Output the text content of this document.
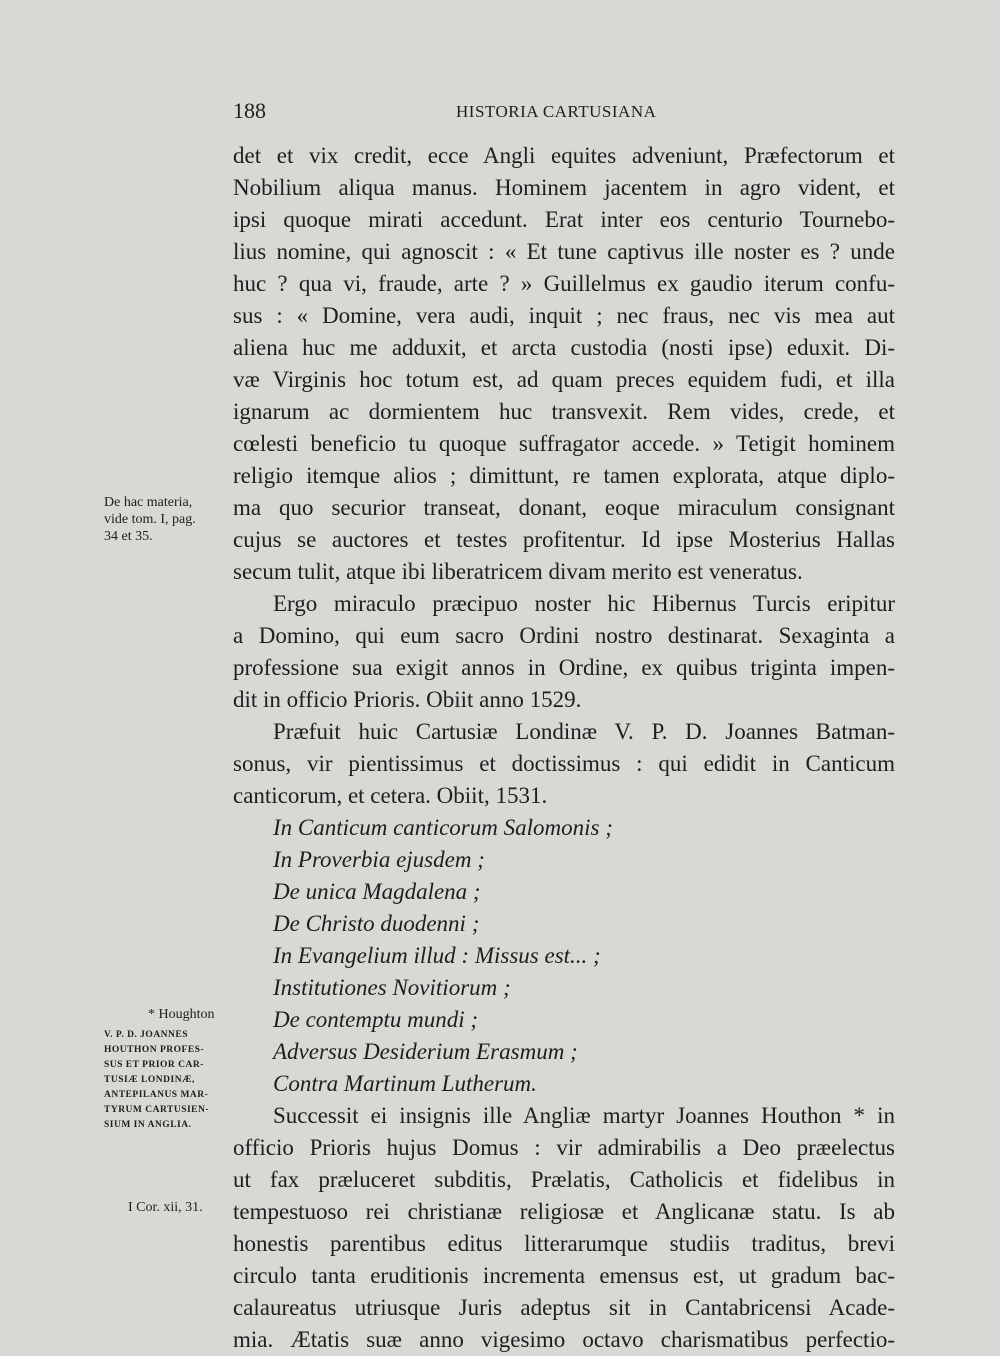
188	HISTORIA CARTUSIANA
det et vix credit, ecce Angli equites adveniunt, Præfectorum et
Nobilium aliqua manus. Hominem jacentem in agro vident, et
ipsi quoque mirati accedunt. Erat inter eos centurio Tournebo-
lius nomine, qui agnoscit : « Et tune captivus ille noster es ? unde
huc ? qua vi, fraude, arte ? » Guillelmus ex gaudio iterum confu-
sus : « Domine, vera audi, inquit ; nec fraus, nec vis mea aut
aliena huc me adduxit, et arcta custodia (nosti ipse) eduxit. Di-
væ Virginis hoc totum est, ad quam preces equidem fudi, et illa
ignarum ac dormientem huc transvexit. Rem vides, crede, et
cœlesti beneficio tu quoque suffragator accede. » Tetigit hominem
religio itemque alios ; dimittunt, re tamen explorata, atque diplo-
ma quo securior transeat, donant, eoque miraculum consignant
cujus se auctores et testes profitentur. Id ipse Mosterius Hallas
secum tulit, atque ibi liberatricem divam merito est veneratus.
Ergo miraculo præcipuo noster hic Hibernus Turcis eripitur
a Domino, qui eum sacro Ordini nostro destinarat. Sexaginta a
professione sua exigit annos in Ordine, ex quibus triginta impen-
dit in officio Prioris. Obiit anno 1529.
Præfuit huic Cartusiæ Londinæ V. P. D. Joannes Batman-
sonus, vir pientissimus et doctissimus : qui edidit in Canticum
canticorum, et cetera. Obiit, 1531.
In Canticum canticorum Salomonis ;
In Proverbia ejusdem ;
De unica Magdalena ;
De Christo duodenni ;
In Evangelium illud : Missus est... ;
Institutiones Novitiorum ;
De contemptu mundi ;
Adversus Desiderium Erasmum ;
Contra Martinum Lutherum.
Successit ei insignis ille Angliæ martyr Joannes Houthon * in
officio Prioris hujus Domus : vir admirabilis a Deo præelectus
ut fax præluceret subditis, Prælatis, Catholicis et fidelibus in
tempestuoso rei christianæ religiosæ et Anglicanæ statu. Is ab
honestis parentibus editus litterarumque studiis traditus, brevi
circulo tanta eruditionis incrementa emensus est, ut gradum bac-
calaureatus utriusque Juris adeptus sit in Cantabricensi Acade-
mia. Ætatis suæ anno vigesimo octavo charismatibus perfectio-
De hac materia,
vide tom. I, pag.
34 et 35.
* Houghton
V. P. D. JOANNES
HOUTHON PROFES-
SUS ET PRIOR CAR-
TUSIÆ LONDINÆ,
ANTEPILANUS MAR-
TYRUM CARTUSIEN-
SIUM IN ANGLIA.
I Cor. xii, 31.
